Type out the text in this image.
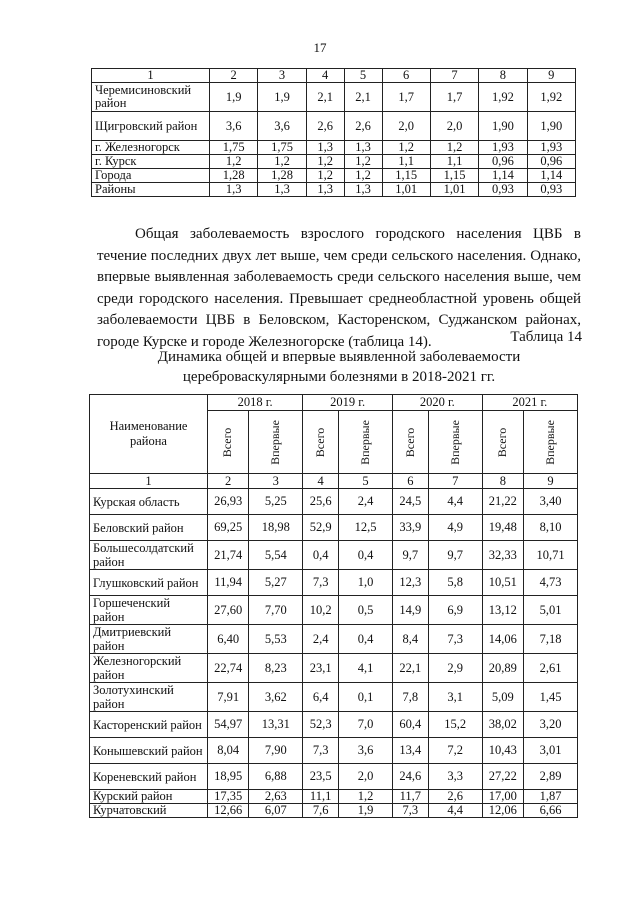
17
1	2	3	4	5	6	7	8	9
Черемисиновский район	1,9	1,9	2,1	2,1	1,7	1,7	1,92	1,92
Щигровский район	3,6	3,6	2,6	2,6	2,0	2,0	1,90	1,90
г. Железногорск	1,75	1,75	1,3	1,3	1,2	1,2	1,93	1,93
г. Курск	1,2	1,2	1,2	1,2	1,1	1,1	0,96	0,96
Города	1,28	1,28	1,2	1,2	1,15	1,15	1,14	1,14
Районы	1,3	1,3	1,3	1,3	1,01	1,01	0,93	0,93

Общая заболеваемость взрослого городского населения ЦВБ в течение последних двух лет выше, чем среди сельского населения. Однако, впервые выявленная заболеваемость среди сельского населения выше, чем среди городского населения. Превышает среднеобластной уровень общей заболеваемости ЦВБ в Беловском, Касторенском, Суджанском районах, городе Курске и городе Железногорске (таблица 14).	Таблица 14
Динамика общей и впервые выявленной заболеваемости
цереброваскулярными болезнями в 2018-2021 гг.
Наименование района	2018 г.		2019 г.		2020 г.		2021 г.	
	Всего	Впервые	Всего	Впервые	Всего	Впервые	Всего	Впервые
1	2	3	4	5	6	7	8	9
Курская область	26,93	5,25	25,6	2,4	24,5	4,4	21,22	3,40
Беловский район	69,25	18,98	52,9	12,5	33,9	4,9	19,48	8,10
Большесолдатский район	21,74	5,54	0,4	0,4	9,7	9,7	32,33	10,71
Глушковский район	11,94	5,27	7,3	1,0	12,3	5,8	10,51	4,73
Горшеченский район	27,60	7,70	10,2	0,5	14,9	6,9	13,12	5,01
Дмитриевский район	6,40	5,53	2,4	0,4	8,4	7,3	14,06	7,18
Железногорский район	22,74	8,23	23,1	4,1	22,1	2,9	20,89	2,61
Золотухинский район	7,91	3,62	6,4	0,1	7,8	3,1	5,09	1,45
Касторенский район	54,97	13,31	52,3	7,0	60,4	15,2	38,02	3,20
Конышевский район	8,04	7,90	7,3	3,6	13,4	7,2	10,43	3,01
Кореневский район	18,95	6,88	23,5	2,0	24,6	3,3	27,22	2,89
Курский район	17,35	2,63	11,1	1,2	11,7	2,6	17,00	1,87
Курчатовский	12,66	6,07	7,6	1,9	7,3	4,4	12,06	6,66
